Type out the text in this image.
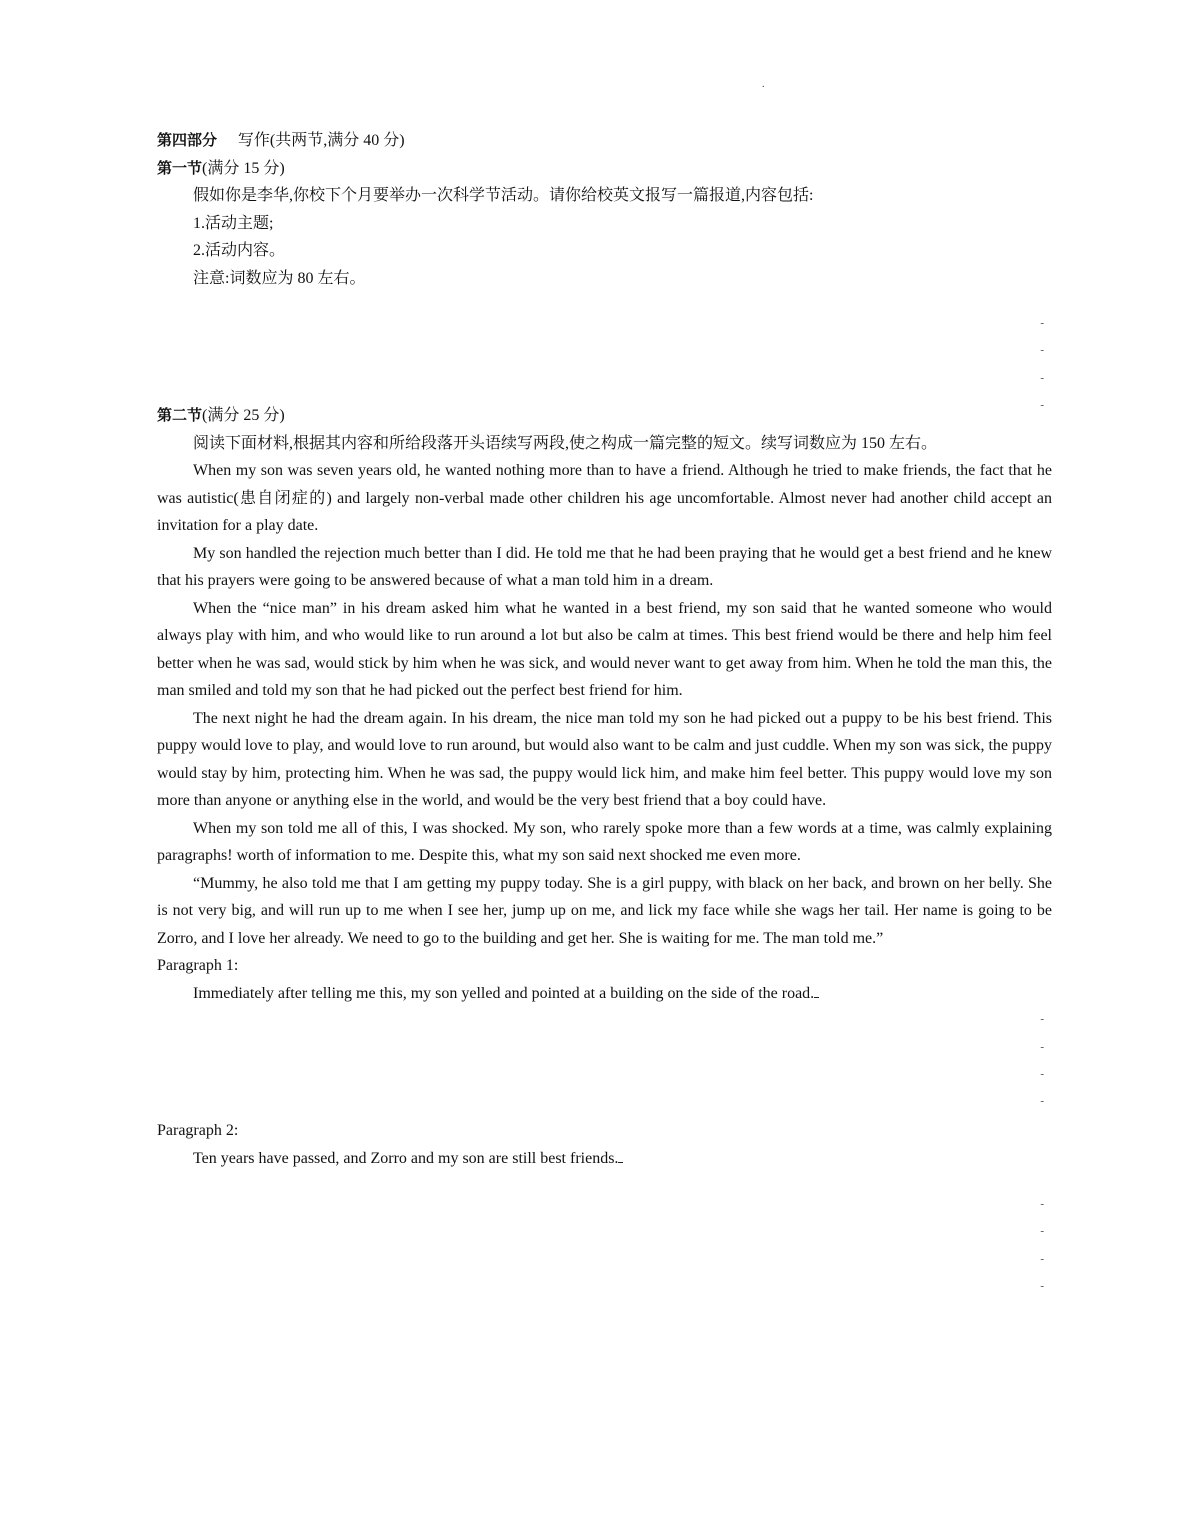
.

第四部分 写作(共两节,满分 40 分)

第一节(满分 15 分)

假如你是李华,你校下个月要举办一次科学节活动。请你给校英文报写一篇报道,内容包括:

1.活动主题;

2.活动内容。

注意:词数应为 80 左右。

-
-
-
-

第二节(满分 25 分)

阅读下面材料,根据其内容和所给段落开头语续写两段,使之构成一篇完整的短文。续写词数应为 150 左右。

When my son was seven years old, he wanted nothing more than to have a friend. Although he tried to make friends, the fact that he was autistic(患自闭症的) and largely non-verbal made other children his age uncomfortable. Almost never had another child accept an invitation for a play date.

My son handled the rejection much better than I did. He told me that he had been praying that he would get a best friend and he knew that his prayers were going to be answered because of what a man told him in a dream.

When the “nice man” in his dream asked him what he wanted in a best friend, my son said that he wanted someone who would always play with him, and who would like to run around a lot but also be calm at times. This best friend would be there and help him feel better when he was sad, would stick by him when he was sick, and would never want to get away from him. When he told the man this, the man smiled and told my son that he had picked out the perfect best friend for him.

The next night he had the dream again. In his dream, the nice man told my son he had picked out a puppy to be his best friend. This puppy would love to play, and would love to run around, but would also want to be calm and just cuddle. When my son was sick, the puppy would stay by him, protecting him. When he was sad, the puppy would lick him, and make him feel better. This puppy would love my son more than anyone or anything else in the world, and would be the very best friend that a boy could have.

When my son told me all of this, I was shocked. My son, who rarely spoke more than a few words at a time, was calmly explaining paragraphs! worth of information to me. Despite this, what my son said next shocked me even more.

“Mummy, he also told me that I am getting my puppy today. She is a girl puppy, with black on her back, and brown on her belly. She is not very big, and will run up to me when I see her, jump up on me, and lick my face while she wags her tail. Her name is going to be Zorro, and I love her already. We need to go to the building and get her. She is waiting for me. The man told me.”

Paragraph 1:

Immediately after telling me this, my son yelled and pointed at a building on the side of the road.

-
-
-
-

Paragraph 2:

Ten years have passed, and Zorro and my son are still best friends.

-
-
-
-
